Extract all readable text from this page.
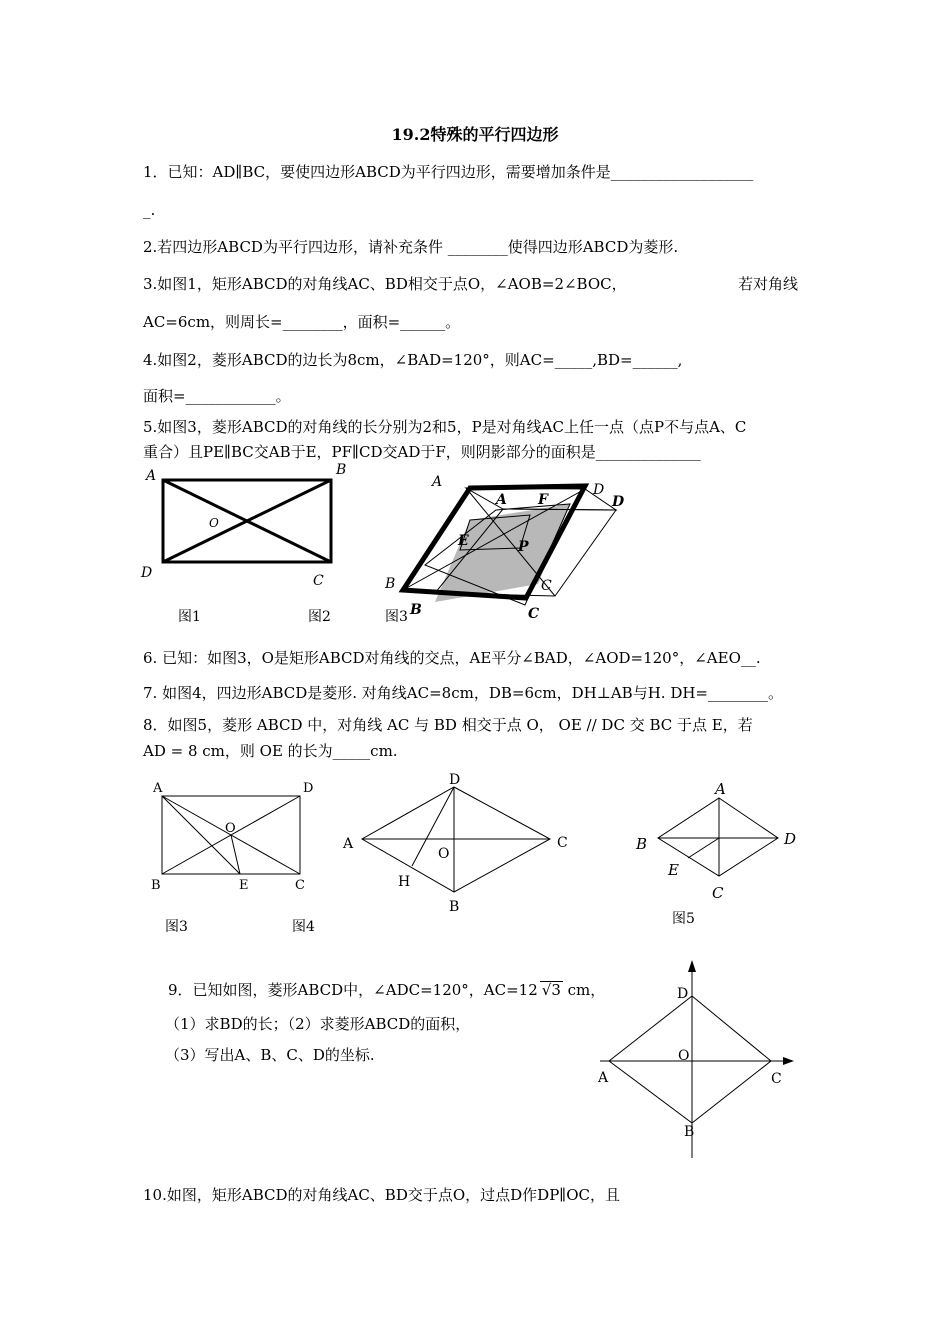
19.2特殊的平行四边形
1．已知：AD∥BC，要使四边形ABCD为平行四边形，需要增加条件是___________________
_.
2.若四边形ABCD为平行四边形，请补充条件 ________使得四边形ABCD为菱形.
3.如图1，矩形ABCD的对角线AC、BD相交于点O，∠AOB=2∠BOC，	若对角线
AC=6cm，则周长=________，面积=______。
4.如图2，菱形ABCD的边长为8cm，∠BAD=120°，则AC=_____,BD=______,
面积=____________。
5.如图3，菱形ABCD的对角线的长分别为2和5，P是对角线AC上任一点（点P不与点A、C
重合）且PE∥BC交AB于E，PF∥CD交AD于F，则阴影部分的面积是______________
A	B
C
D
O
A
A F
D
D
E	P
B
B
C
C
图1	图2	图3
6. 已知：如图3，O是矩形ABCD对角线的交点，AE平分∠BAD，∠AOD=120°，∠AEO__.
7. 如图4，四边形ABCD是菱形. 对角线AC=8cm，DB=6cm，DH⊥AB与H. DH=________。
8．如图5，菱形 ABCD 中，对角线 AC 与 BD 相交于点 O， OE // DC 交 BC 于点 E，若
AD = 8 cm，则 OE 的长为_____cm.
A	D
O
B	E	C
D
A	C
O
H
B
A
B	D
E
C
图3	图4	图5
9．已知如图，菱形ABCD中，∠ADC=120°，AC=12 √3 cm，
（1）求BD的长；（2）求菱形ABCD的面积，
（3）写出A、B、C、D的坐标.
D
O
A	C
B
10.如图，矩形ABCD的对角线AC、BD交于点O，过点D作DP∥OC，且
